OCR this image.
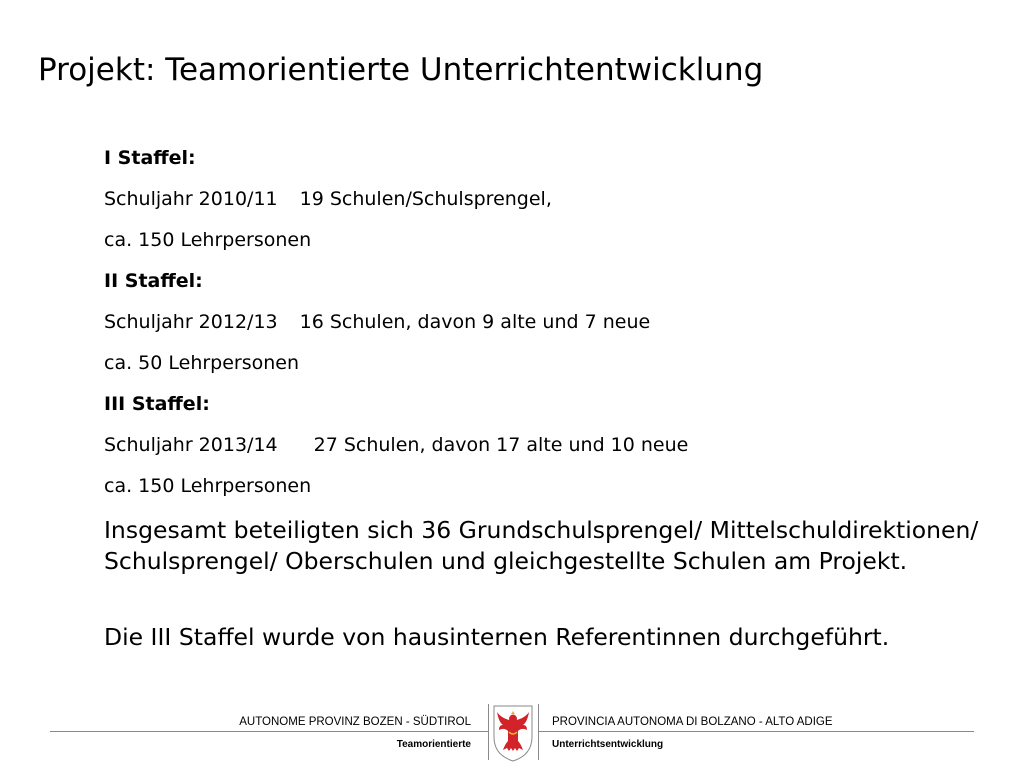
Projekt: Teamorientierte Unterrichtentwicklung
I Staffel:
Schuljahr 2010/11 19 Schulen/Schulsprengel,
ca. 150 Lehrpersonen
II Staffel:
Schuljahr 2012/13 16 Schulen, davon 9 alte und 7 neue
ca. 50 Lehrpersonen
III Staffel:
Schuljahr 2013/14 27 Schulen, davon 17 alte und 10 neue
ca. 150 Lehrpersonen
Insgesamt beteiligten sich 36 Grundschulsprengel/ Mittelschuldirektionen/ Schulsprengel/ Oberschulen und gleichgestellte Schulen am Projekt.
Die III Staffel wurde von hausinternen Referentinnen durchgeführt.
AUTONOME PROVINZ BOZEN - SÜDTIROL	PROVINCIA AUTONOMA DI BOLZANO - ALTO ADIGE
Teamorientierte	Unterrichtsentwicklung
